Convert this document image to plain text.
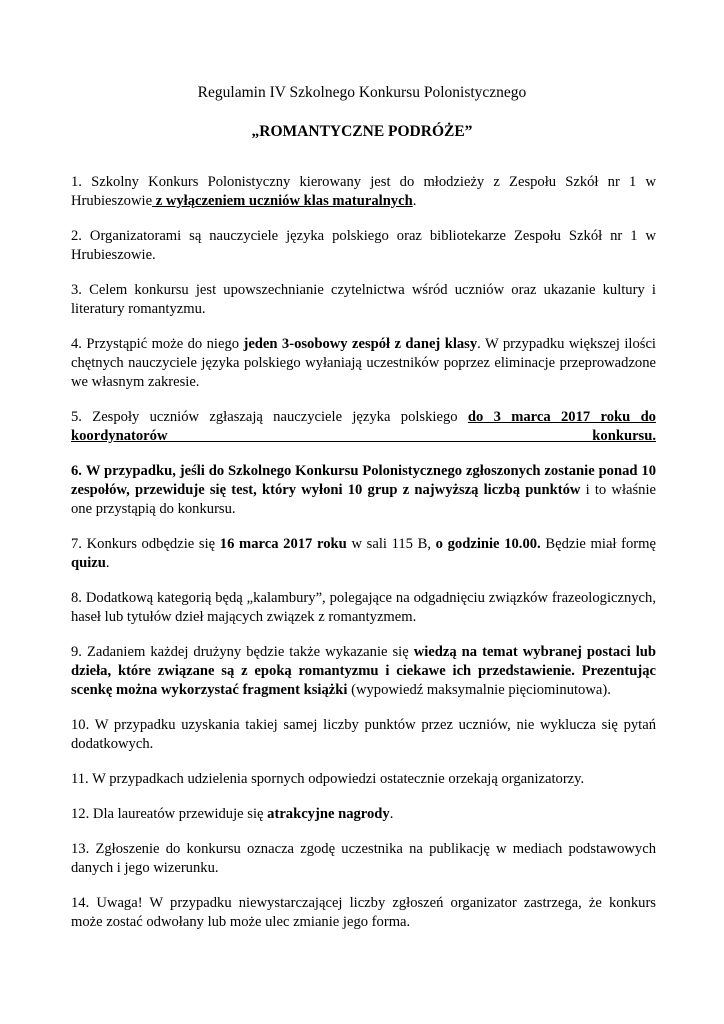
Regulamin IV Szkolnego Konkursu Polonistycznego
„ROMANTYCZNE PODRÓŻE”

1. Szkolny Konkurs Polonistyczny kierowany jest do młodzieży z Zespołu Szkół nr 1 w Hrubieszowie z wyłączeniem uczniów klas maturalnych.

2. Organizatorami są nauczyciele języka polskiego oraz bibliotekarze Zespołu Szkół nr 1 w Hrubieszowie.

3. Celem konkursu jest upowszechnianie czytelnictwa wśród uczniów oraz ukazanie kultury i literatury romantyzmu.

4. Przystąpić może do niego jeden 3-osobowy zespół z danej klasy. W przypadku większej ilości chętnych nauczyciele języka polskiego wyłaniają uczestników poprzez eliminacje przeprowadzone we własnym zakresie.

5. Zespoły uczniów zgłaszają nauczyciele języka polskiego do 3 marca 2017 roku do koordynatorów konkursu.

6. W przypadku, jeśli do Szkolnego Konkursu Polonistycznego zgłoszonych zostanie ponad 10 zespołów, przewiduje się test, który wyłoni 10 grup z najwyższą liczbą punktów i to właśnie one przystąpią do konkursu.

7. Konkurs odbędzie się 16 marca 2017 roku w sali 115 B, o godzinie 10.00. Będzie miał formę quizu.

8. Dodatkową kategorią będą „kalambury”, polegające na odgadnięciu związków frazeologicznych, haseł lub tytułów dzieł mających związek z romantyzmem.

9. Zadaniem każdej drużyny będzie także wykazanie się wiedzą na temat wybranej postaci lub dzieła, które związane są z epoką romantyzmu i ciekawe ich przedstawienie. Prezentując scenkę można wykorzystać fragment książki (wypowiedź maksymalnie pięciominutowa).

10. W przypadku uzyskania takiej samej liczby punktów przez uczniów, nie wyklucza się pytań dodatkowych.

11. W przypadkach udzielenia spornych odpowiedzi ostatecznie orzekają organizatorzy.

12. Dla laureatów przewiduje się atrakcyjne nagrody.

13. Zgłoszenie do konkursu oznacza zgodę uczestnika na publikację w mediach podstawowych danych i jego wizerunku.

14. Uwaga! W przypadku niewystarczającej liczby zgłoszeń organizator zastrzega, że konkurs może zostać odwołany lub może ulec zmianie jego forma.
